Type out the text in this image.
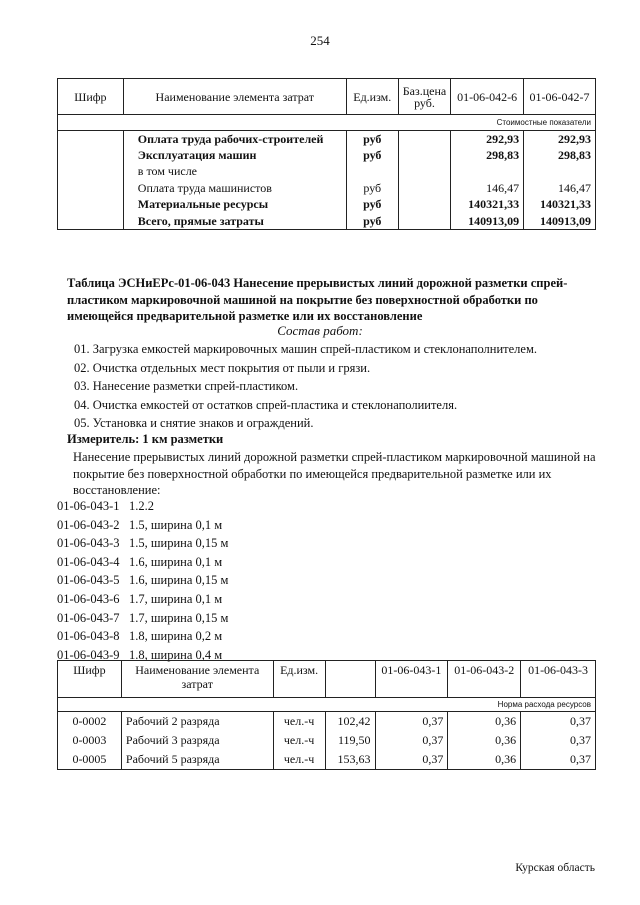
254
Шифр	Наименование элемента затрат	Ед.изм.	Баз.цена руб.	01-06-042-6	01-06-042-7
Стоимостные показатели					
	Оплата труда рабочих-строителей	руб		292,93	292,93
	Эксплуатация машин	руб		298,83	298,83
	в том числе				
	Оплата труда машинистов	руб		146,47	146,47
	Материальные ресурсы	руб		140321,33	140321,33
	Всего, прямые затраты	руб		140913,09	140913,09
Таблица ЭСНиЕРс-01-06-043 Нанесение прерывистых линий дорожной разметки спрей-пластиком маркировочной машиной на покрытие без поверхностной обработки по имеющейся предварительной разметке или их восстановление
Состав работ:
01. Загрузка емкостей маркировочных машин спрей-пластиком и стеклонаполнителем.
02. Очистка отдельных мест покрытия от пыли и грязи.
03. Нанесение разметки спрей-пластиком.
04. Очистка емкостей от остатков спрей-пластика и стеклонаполиителя.
05. Установка и снятие знаков и ограждений.
Измеритель: 1 км разметки
Нанесение прерывистых линий дорожной разметки спрей-пластиком маркировочной машиной на покрытие без поверхностной обработки по имеющейся предварительной разметке или их восстановление:
01-06-043-1 1.2.2
01-06-043-2 1.5, ширина 0,1 м
01-06-043-3 1.5, ширина 0,15 м
01-06-043-4 1.6, ширина 0,1 м
01-06-043-5 1.6, ширина 0,15 м
01-06-043-6 1.7, ширина 0,1 м
01-06-043-7 1.7, ширина 0,15 м
01-06-043-8 1.8, ширина 0,2 м
01-06-043-9 1.8, ширина 0,4 м
Шифр	Наименование элемента затрат	Ед.изм.		01-06-043-1	01-06-043-2	01-06-043-3
Норма расхода ресурсов						
0-0002	Рабочий 2 разряда	чел.-ч	102,42	0,37	0,36	0,37
0-0003	Рабочий 3 разряда	чел.-ч	119,50	0,37	0,36	0,37
0-0005	Рабочий 5 разряда	чел.-ч	153,63	0,37	0,36	0,37
Курская область
